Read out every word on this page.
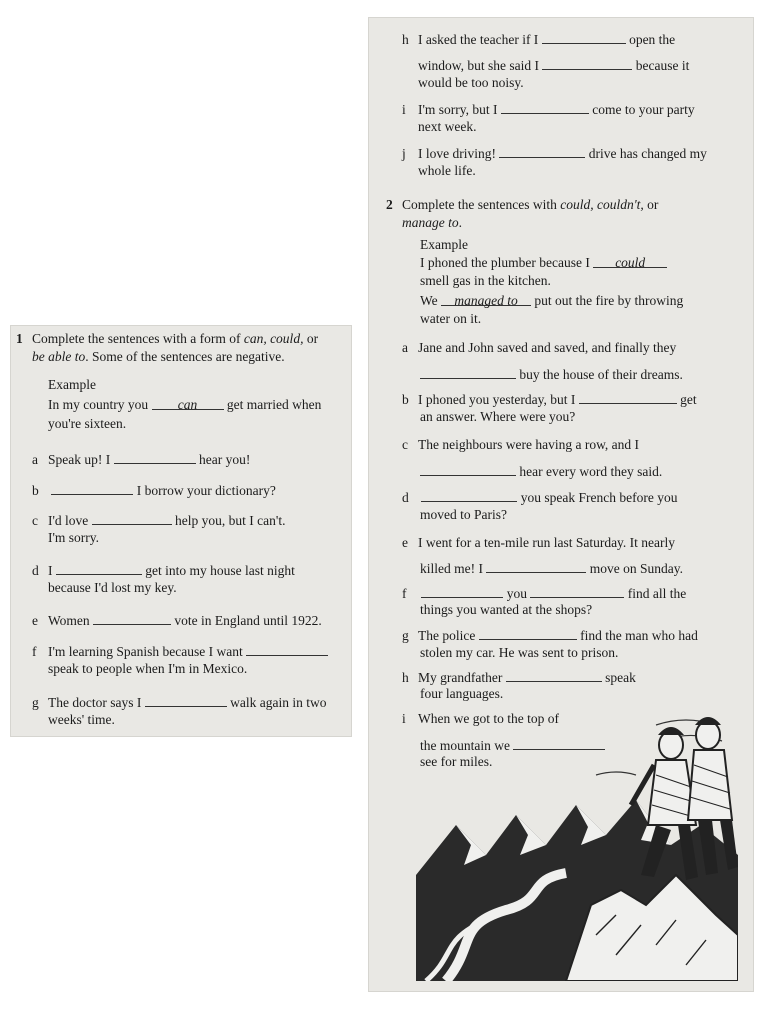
1 Complete the sentences with a form of can, could, or
be able to. Some of the sentences are negative.
Example
In my country you can get married when
you're sixteen.
a Speak up! I	hear you!
b	I borrow your dictionary?
c I'd love	help you, but I can't.
I'm sorry.
d I	get into my house last night
because I'd lost my key.
e Women	vote in England until 1922.
f I'm learning Spanish because I want
speak to people when I'm in Mexico.
g The doctor says I	walk again in two
weeks' time.
h I asked the teacher if I	open the
window, but she said I	because it
would be too noisy.
i I'm sorry, but I	come to your party
next week.
j I love driving!	drive has changed my
whole life.
2 Complete the sentences with could, couldn't, or
manage to.
Example
I phoned the plumber because I could
smell gas in the kitchen.
We managed to put out the fire by throwing
water on it.
a Jane and John saved and saved, and finally they
buy the house of their dreams.
b I phoned you yesterday, but I	get
an answer. Where were you?
c The neighbours were having a row, and I
hear every word they said.
d	you speak French before you
moved to Paris?
e I went for a ten-mile run last Saturday. It nearly
killed me! I	move on Sunday.
f	you	find all the
things you wanted at the shops?
g The police	find the man who had
stolen my car. He was sent to prison.
h My grandfather	speak
four languages.
i When we got to the top of
the mountain we
see for miles.
